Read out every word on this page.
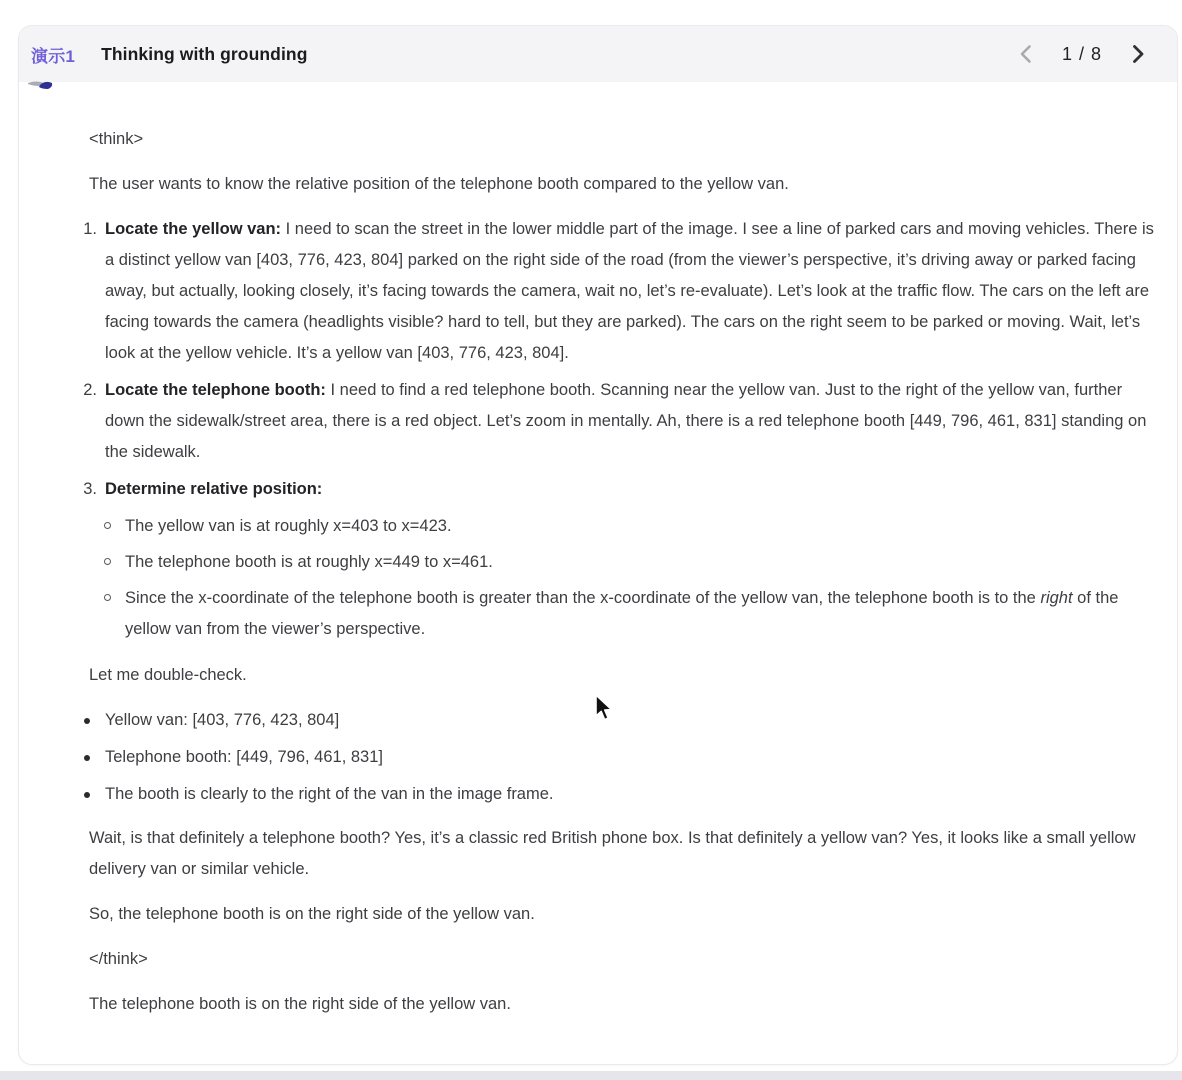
演示1 Thinking with grounding	1 / 8

<think>

The user wants to know the relative position of the telephone booth compared to the yellow van.

1. Locate the yellow van: I need to scan the street in the lower middle part of the image. I see a line of parked cars and moving vehicles. There is a distinct yellow van [403, 776, 423, 804] parked on the right side of the road (from the viewer’s perspective, it’s driving away or parked facing away, but actually, looking closely, it’s facing towards the camera, wait no, let’s re-evaluate). Let’s look at the traffic flow. The cars on the left are facing towards the camera (headlights visible? hard to tell, but they are parked). The cars on the right seem to be parked or moving. Wait, let’s look at the yellow vehicle. It’s a yellow van [403, 776, 423, 804].
2. Locate the telephone booth: I need to find a red telephone booth. Scanning near the yellow van. Just to the right of the yellow van, further down the sidewalk/street area, there is a red object. Let’s zoom in mentally. Ah, there is a red telephone booth [449, 796, 461, 831] standing on the sidewalk.
3. Determine relative position:
The yellow van is at roughly x=403 to x=423.
The telephone booth is at roughly x=449 to x=461.
Since the x-coordinate of the telephone booth is greater than the x-coordinate of the yellow van, the telephone booth is to the right of the yellow van from the viewer’s perspective.

Let me double-check.

Yellow van: [403, 776, 423, 804]
Telephone booth: [449, 796, 461, 831]
The booth is clearly to the right of the van in the image frame.

Wait, is that definitely a telephone booth? Yes, it’s a classic red British phone box. Is that definitely a yellow van? Yes, it looks like a small yellow delivery van or similar vehicle.

So, the telephone booth is on the right side of the yellow van.

</think>

The telephone booth is on the right side of the yellow van.
